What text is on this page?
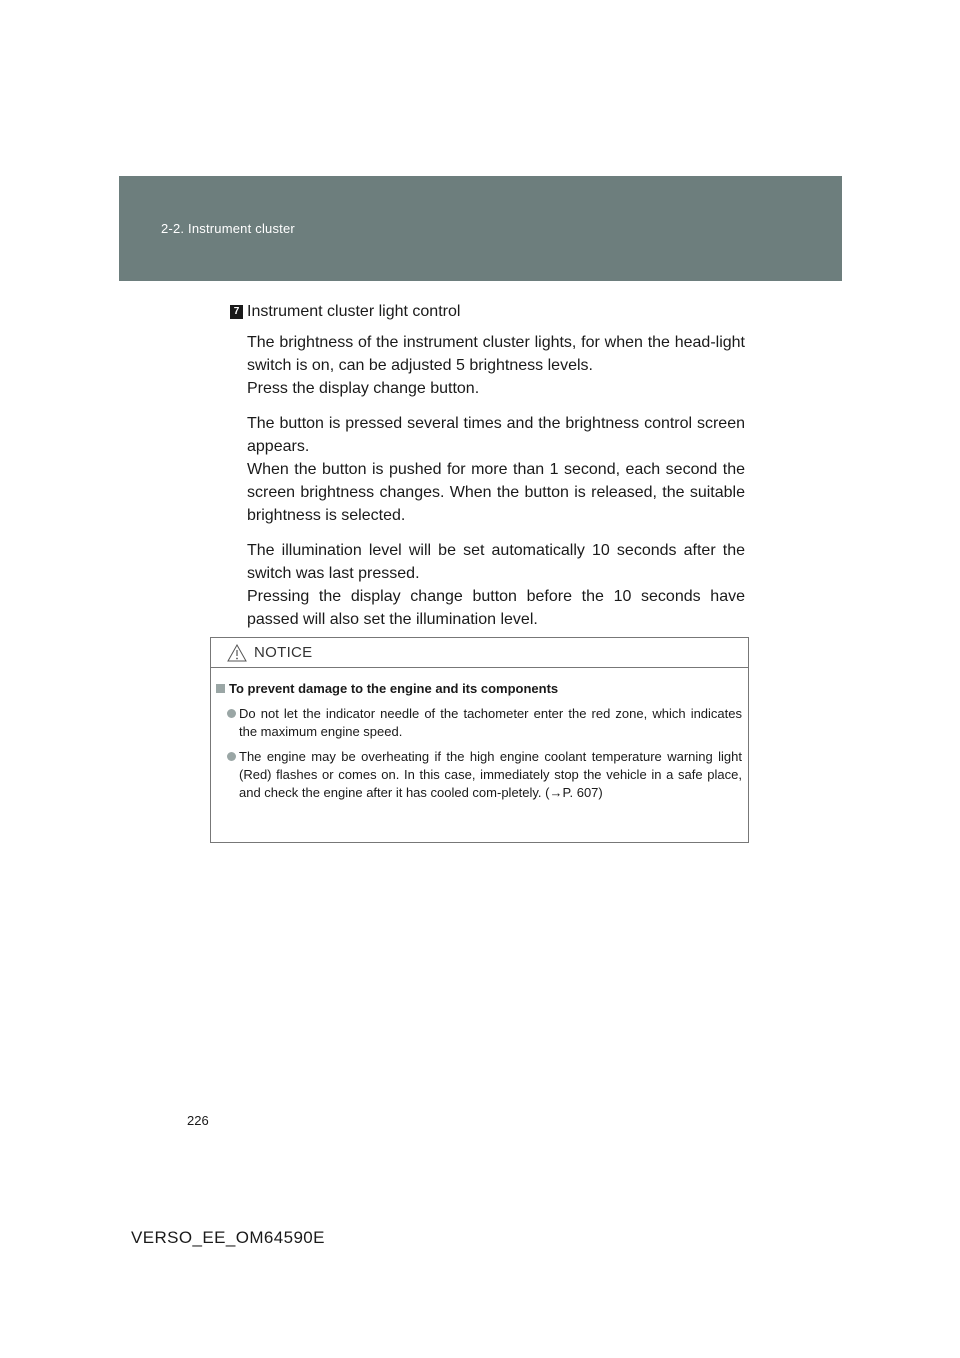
2-2. Instrument cluster
7 Instrument cluster light control

The brightness of the instrument cluster lights, for when the head-light switch is on, can be adjusted 5 brightness levels.

Press the display change button.

The button is pressed several times and the brightness control screen appears.

When the button is pushed for more than 1 second, each second the screen brightness changes. When the button is released, the suitable brightness is selected.

The illumination level will be set automatically 10 seconds after the switch was last pressed.

Pressing the display change button before the 10 seconds have passed will also set the illumination level.

NOTICE
To prevent damage to the engine and its components
Do not let the indicator needle of the tachometer enter the red zone, which indicates the maximum engine speed.
The engine may be overheating if the high engine coolant temperature warning light (Red) flashes or comes on. In this case, immediately stop the vehicle in a safe place, and check the engine after it has cooled com-pletely. (→P. 607)
226
VERSO_EE_OM64590E
